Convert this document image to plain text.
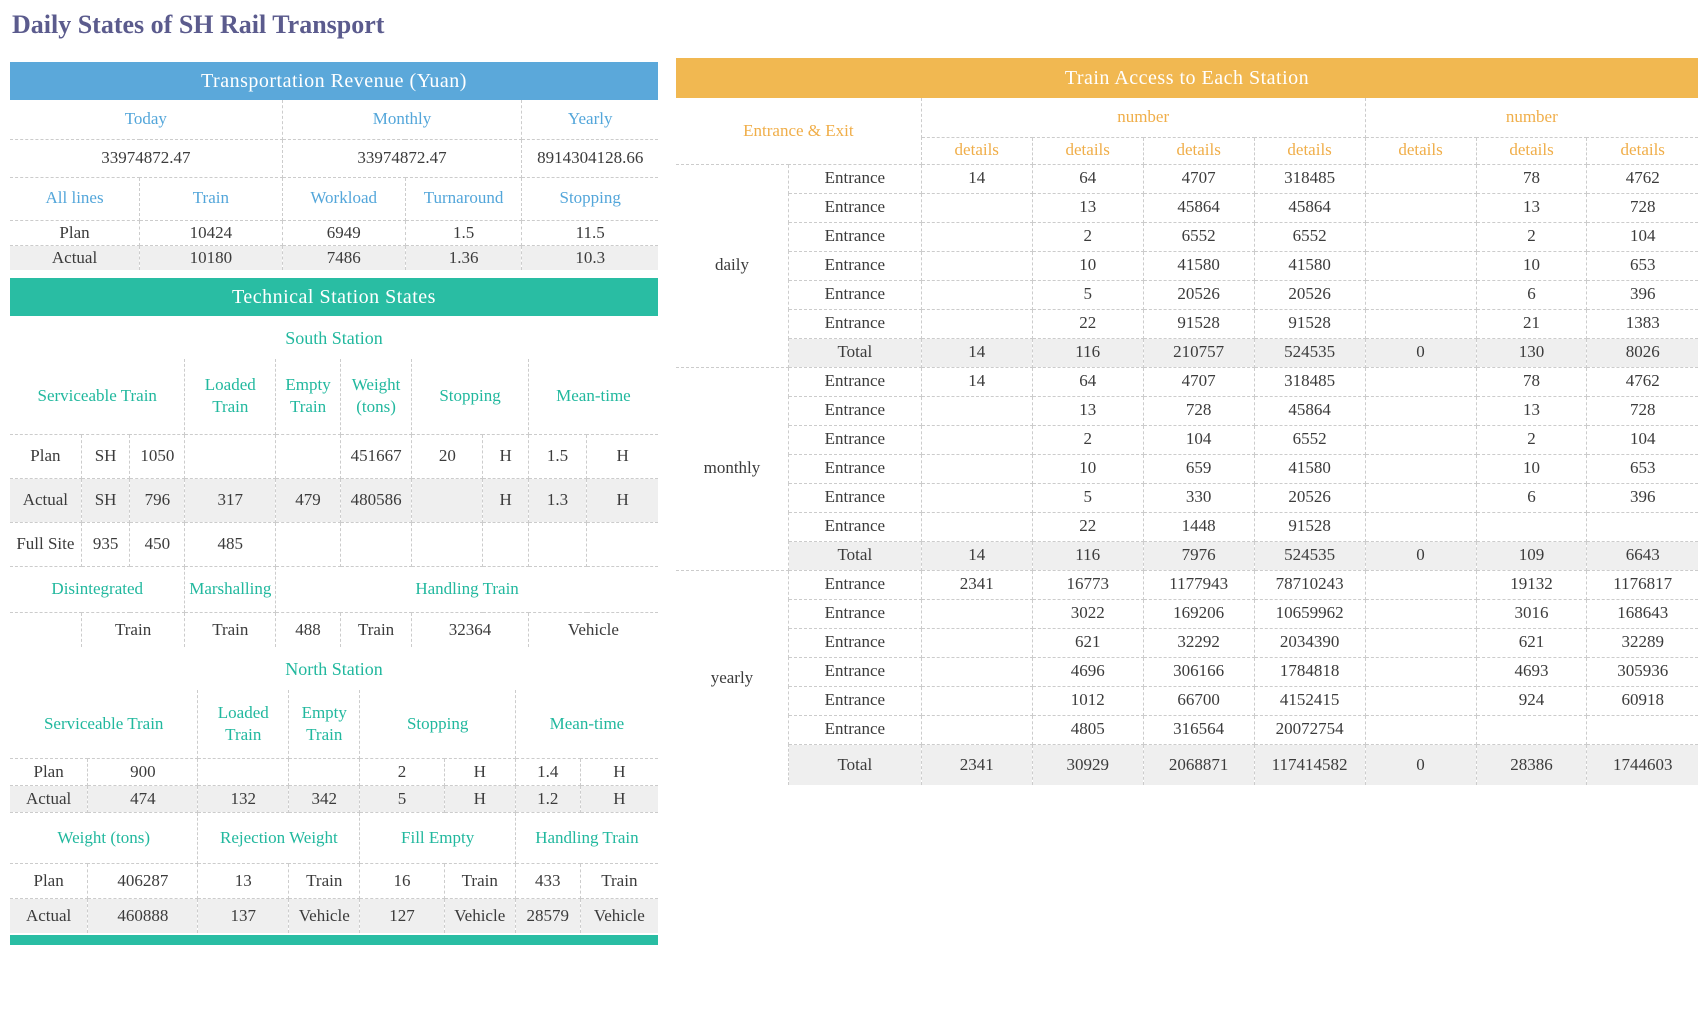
Daily States of SH Rail Transport
Transportation Revenue (Yuan)
Today		Monthly		Yearly
33974872.47		33974872.47		8914304128.66
All lines	Train	Workload	Turnaround	Stopping
Plan	10424	6949	1.5	11.5
Actual	10180	7486	1.36	10.3
Technical Station States
South Station
Serviceable Train			Loaded Train	Empty Train	Weight (tons)	Stopping		Mean-time	
Plan	SH	1050			451667	20	H	1.5	H
Actual	SH	796	317	479	480586		H	1.3	H
Full Site	935	450	485						
Disintegrated			Marshalling	Handling Train					
	Train		Train	488	Train	32364		Vehicle	
North Station
Serviceable Train		Loaded Train	Empty Train	Stopping		Mean-time	
Plan	900			2	H	1.4	H
Actual	474	132	342	5	H	1.2	H
Weight (tons)		Rejection Weight		Fill Empty		Handling Train	
Plan	406287	13	Train	16	Train	433	Train
Actual	460888	137	Vehicle	127	Vehicle	28579	Vehicle
Train Access to Each Station
Entrance & Exit		number				number		
		details	details	details	details	details	details	details
daily	Entrance	14	64	4707	318485		78	4762
	Entrance		13	45864	45864		13	728
	Entrance		2	6552	6552		2	104
	Entrance		10	41580	41580		10	653
	Entrance		5	20526	20526		6	396
	Entrance		22	91528	91528		21	1383
	Total	14	116	210757	524535	0	130	8026
monthly	Entrance	14	64	4707	318485		78	4762
	Entrance		13	728	45864		13	728
	Entrance		2	104	6552		2	104
	Entrance		10	659	41580		10	653
	Entrance		5	330	20526		6	396
	Entrance		22	1448	91528			
	Total	14	116	7976	524535	0	109	6643
yearly	Entrance	2341	16773	1177943	78710243		19132	1176817
	Entrance		3022	169206	10659962		3016	168643
	Entrance		621	32292	2034390		621	32289
	Entrance		4696	306166	1784818		4693	305936
	Entrance		1012	66700	4152415		924	60918
	Entrance		4805	316564	20072754			
	Total	2341	30929	2068871	117414582	0	28386	1744603
